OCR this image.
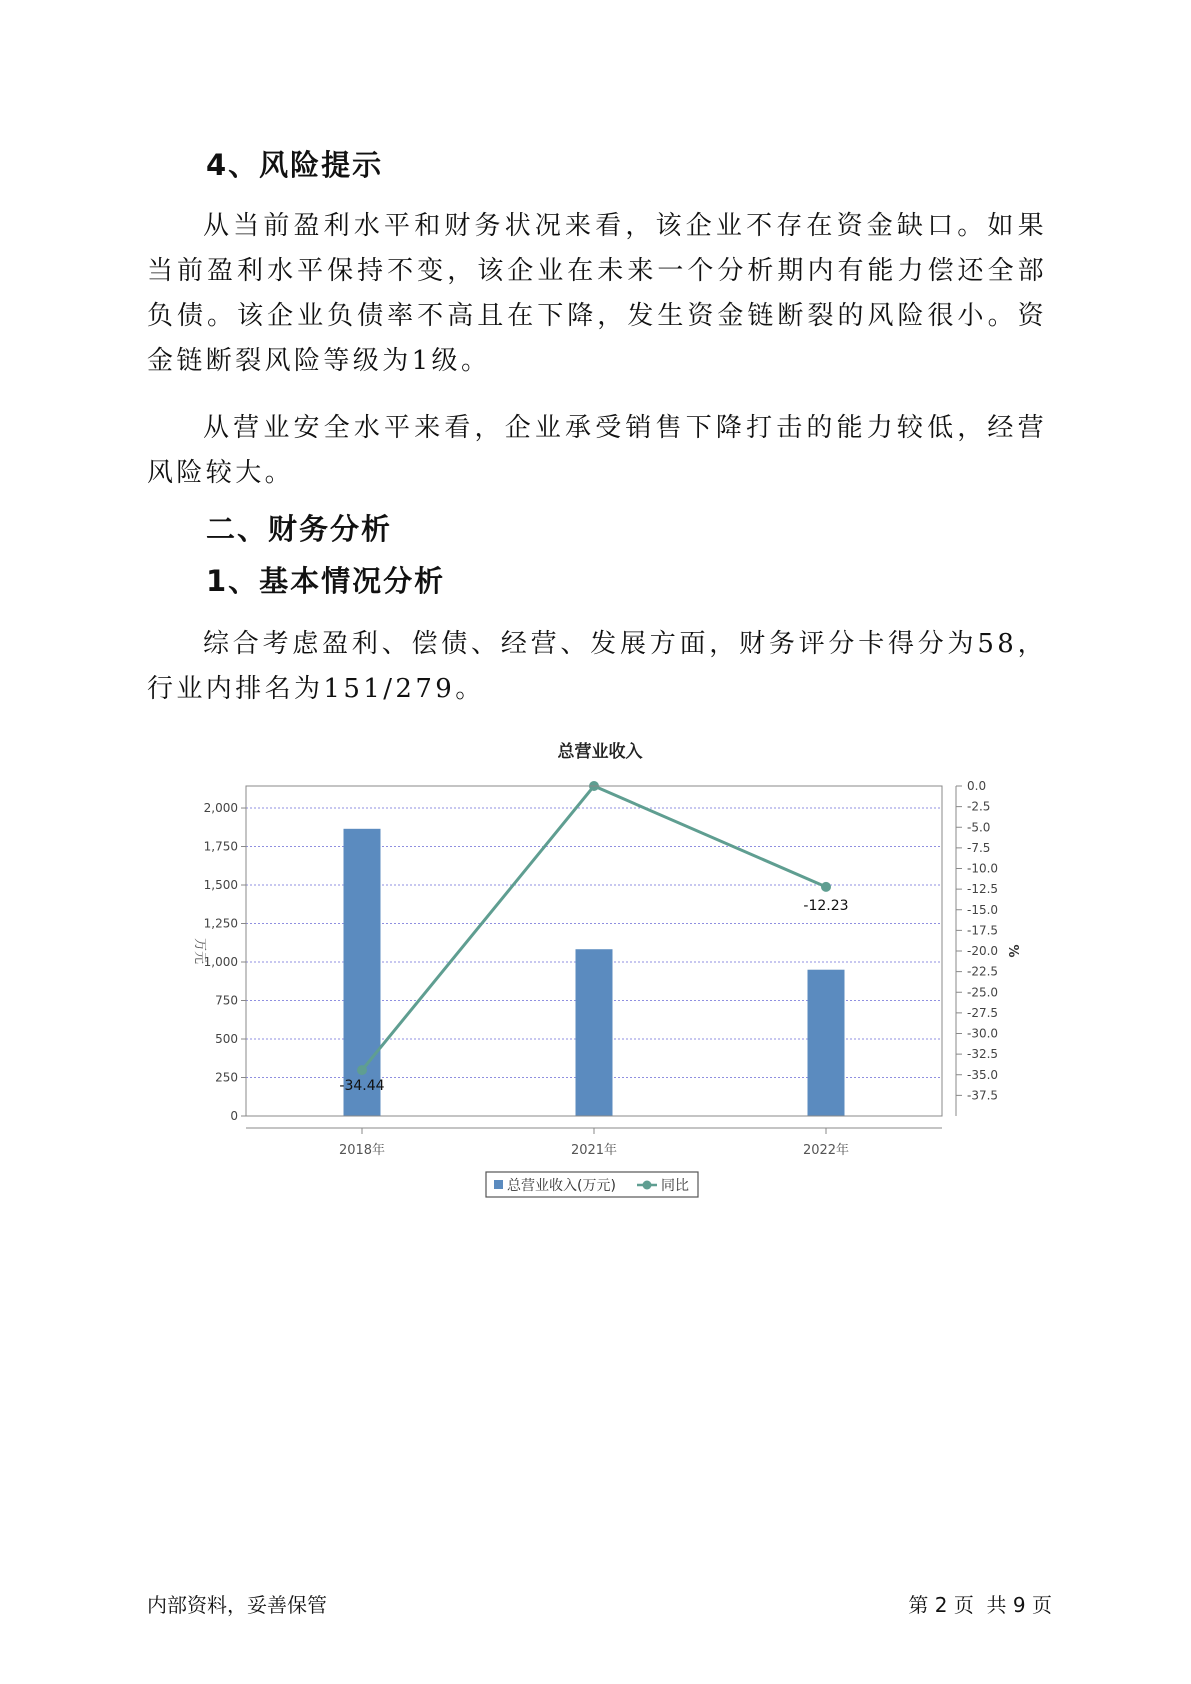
4、风险提示

从当前盈利水平和财务状况来看，该企业不存在资金缺口。如果当前盈利水平保持不变，该企业在未来一个分析期内有能力偿还全部负债。该企业负债率不高且在下降，发生资金链断裂的风险很小。资金链断裂风险等级为1级。

从营业安全水平来看，企业承受销售下降打击的能力较低，经营风险较大。

二、财务分析
1、基本情况分析

综合考虑盈利、偿债、经营、发展方面，财务评分卡得分为58，行业内排名为151/279。

总营业收入
-34.44
-12.23
0
250
500
750
1,000
1,250
1,500
1,750
2,000
0.0
-2.5
-5.0
-7.5
-10.0
-12.5
-15.0
-17.5
-20.0
-22.5
-25.0
-27.5
-30.0
-32.5
-35.0
-37.5
2018年	2021年	2022年
万元	%
总营业收入(万元)	同比
内部资料，妥善保管	第 2 页  共 9 页
